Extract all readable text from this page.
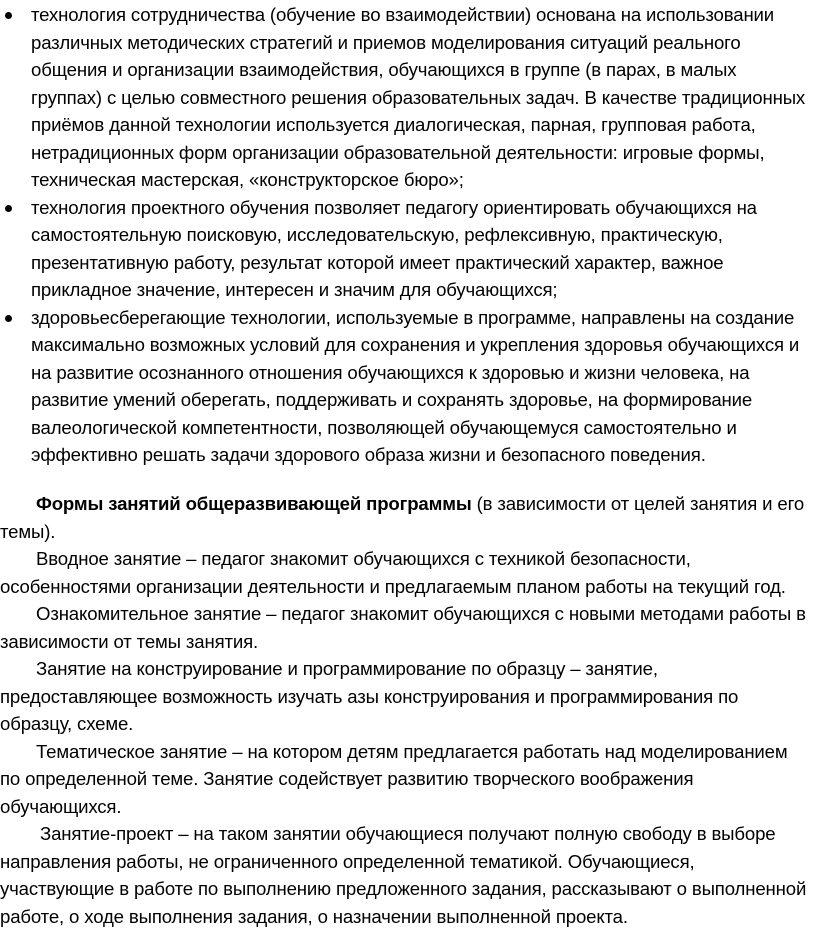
технология сотрудничества (обучение во взаимодействии) основана на использовании различных методических стратегий и приемов моделирования ситуаций реального общения и организации взаимодействия, обучающихся в группе (в парах, в малых группах) с целью совместного решения образовательных задач. В качестве традиционных приёмов данной технологии используется диалогическая, парная, групповая работа, нетрадиционных форм организации образовательной деятельности: игровые формы, техническая мастерская, «конструкторское бюро»;
технология проектного обучения позволяет педагогу ориентировать обучающихся на самостоятельную поисковую, исследовательскую, рефлексивную, практическую, презентативную работу, результат которой имеет практический характер, важное прикладное значение, интересен и значим для обучающихся;
здоровьесберегающие технологии, используемые в программе, направлены на создание максимально возможных условий для сохранения и укрепления здоровья обучающихся и на развитие осознанного отношения обучающихся к здоровью и жизни человека, на развитие умений оберегать, поддерживать и сохранять здоровье, на формирование валеологической компетентности, позволяющей обучающемуся самостоятельно и эффективно решать задачи здорового образа жизни и безопасного поведения.

Формы занятий общеразвивающей программы (в зависимости от целей занятия и его темы).

Вводное занятие – педагог знакомит обучающихся с техникой безопасности, особенностями организации деятельности и предлагаемым планом работы на текущий год.

Ознакомительное занятие – педагог знакомит обучающихся с новыми методами работы в зависимости от темы занятия.

Занятие на конструирование и программирование по образцу – занятие, предоставляющее возможность изучать азы конструирования и программирования по образцу, схеме.

Тематическое занятие – на котором детям предлагается работать над моделированием по определенной теме. Занятие содействует развитию творческого воображения обучающихся.

Занятие-проект – на таком занятии обучающиеся получают полную свободу в выборе направления работы, не ограниченного определенной тематикой. Обучающиеся, участвующие в работе по выполнению предложенного задания, рассказывают о выполненной работе, о ходе выполнения задания, о назначении выполненной проекта.
